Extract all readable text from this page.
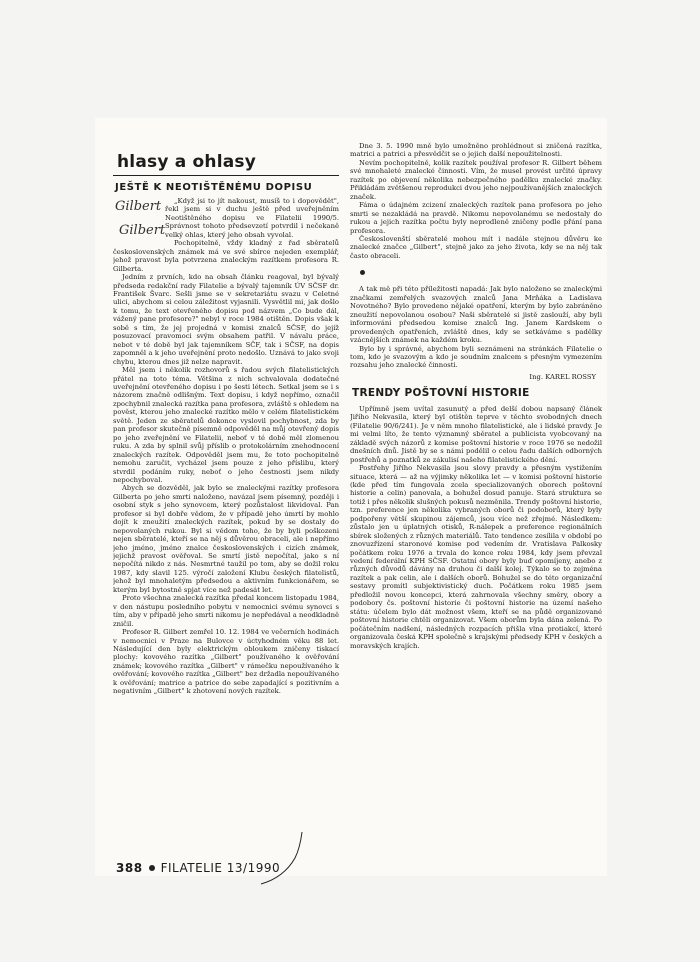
hlasy a ohlasy
JEŠTĚ K NEOTIŠTĚNÉMU DOPISU
Gilbert
Gilbert

„Když jsi to jít nakoust, musíš to i dopovědět", řekl jsem si v duchu ještě před uveřejněním Neotištěného dopisu ve Filatelii 1990/5. Správnost tohoto předsevzetí potvrdil i nečekaně velký ohlas, který jeho obsah vyvolal.

Pochopitelně, vždy kladný z řad sběratelů československých známek má ve své sbírce nejeden exemplář, jehož pravost byla potvrzena znaleckým razítkem profesora R. Gilberta.

Jedním z prvních, kdo na obsah článku reagoval, byl bývalý předseda redakční rady Filatelie a bývalý tajemník ÚV SČSF dr. František Švarc. Sešli jsme se v sekretariátu svazu v Celetné ulici, abychom si celou záležitost vyjasnili. Vysvětlil mi, jak došlo k tomu, že text otevřeného dopisu pod názvem „Co bude dál, vážený pane profesore?" nebyl v roce 1984 otištěn. Dopis však k sobě s tím, že jej projedná v komisi znalců SČSF, do jejíž posuzovací pravomoci svým obsahem patřil. V návalu práce, nebot v té době byl jak tajemníkem SČF, tak i SČSF, na dopis zapomněl a k jeho uveřejnění proto nedošlo. Uznává to jako svoji chybu, kterou dnes již nelze napravit.

Měl jsem i několik rozhovorů s řadou svých filatelistických přátel na toto téma. Většina z nich schvalovala dodatečné uveřejnění otevřeného dopisu i po šesti létech. Setkal jsem se i s názorem značně odlišným. Text dopisu, i když nepřímo, označil zpochybnil znalecká razítka pana profesora, zvláště s ohledem na pověst, kterou jeho znalecké razítko mělo v celém filatelistickém světě. Jeden ze sběratelů dokonce vyslovil pochybnost, zda by pan profesor skutečně písemně odpověděl na můj otevřený dopis po jeho zveřejnění ve Filatelii, neboť v té době měl zlomenou ruku. A zda by splnil svůj příslib o protokolárním znehodnocení znaleckých razítek. Odpověděl jsem mu, že toto pochopitelně nemohu zaručit, vycházel jsem pouze z jeho příslibu, který stvrdil podáním ruky, neboť o jeho čestnosti jsem nikdy nepochyboval.

Abych se dozvěděl, jak bylo se znaleckými razítky profesora Gilberta po jeho smrti naloženo, navázal jsem písemný, později i osobní styk s jeho synovcem, který pozůstalost likvidoval. Pan profesor si byl dobře vědom, že v případě jeho úmrtí by mohlo dojít k zneužití znaleckých razítek, pokud by se dostaly do nepovolaných rukou. Byl si vědom toho, že by byli poškozeni nejen sběratelé, kteří se na něj s důvěrou obraceli, ale i nepřímo jeho jméno, jméno znalce československých i cizích známek, jejichž pravost ověřoval. Se smrtí jistě nepočítal, jako s ní nepočítá nikdo z nás. Nesmrtné taužil po tom, aby se dožil roku 1987, kdy slavil 125. výročí založení Klubu českých filatelistů, jehož byl mnohaletým předsedou a aktivním funkcionářem, se kterým byl bytostně spjat více než padesát let.

Proto všechna znalecká razítka předal koncem listopadu 1984, v den nástupu posledního pobytu v nemocnici svému synovci s tím, aby v případě jeho smrti nikomu je nepředával a neodkladně zničil.

Profesor R. Gilbert zemřel 10. 12. 1984 ve večerních hodinách v nemocnici v Praze na Bulovce v úctyhodném věku 88 let. Následující den byly elektrickým obloukem zničeny tiskací plochy: kovového razítka „Gilbert" používaného k ověřování známek; kovového razítka „Gilbert" v rámečku nepoužívaného k ověřování; kovového razítka „Gilbert" bez držadla nepoužívaného k ověřování; matrice a patrice do sebe zapadající s pozitivním a negativním „Gilbert" k zhotovení nových razítek.

Dne 3. 5. 1990 mně bylo umožněno prohlédnout si zničená razítka, matrici a patrici a přesvědčit se o jejich další nepoužitelnosti.

Nevím pochopitelně, kolik razítek používal profesor R. Gilbert během své mnohaleté znalecké činnosti. Vím, že musel provést určité úpravy razítek po objevení několika nebezpečného padělku znalecké značky. Přikládám zvětšenou reprodukci dvou jeho nejpoužívanějších znaleckých značek.

Fáma o údajném zcizení znaleckých razítek pana profesora po jeho smrti se nezakládá na pravdě. Nikomu nepovolanému se nedostaly do rukou a jejich razítka počtu byly neprodleně zničeny podle přání pana profesora.

Českoslovenští sběratelé mohou mít i nadále stejnou důvěru ke znalecké značce „Gilbert", stejně jako za jeho života, kdy se na něj tak často obraceli.

A tak mě při této příležitosti napadá: Jak bylo naloženo se znaleckými značkami zemřelých svazových znalců Jana Mrňáka a Ladislava Novotného? Bylo provedeno nějaké opatření, kterým by bylo zabráněno zneužití nepovolanou osobou? Naši sběratelé si jistě zaslouží, aby byli informováni předsedou komise znalců Ing. Janem Kardskem o provedených opatřeních, zvláště dnes, kdy se setkáváme s padělky vzácnějších známek na každém kroku.

Bylo by i správné, abychom byli seznámeni na stránkách Filatelie o tom, kdo je svazovým a kdo je soudním znalcem s přesným vymezením rozsahu jeho znalecké činnosti.

Ing. KAREL ROSSY
TRENDY POŠTOVNÍ HISTORIE

Upřímně jsem uvítal zasunutý a před delší dobou napsaný článek Jiřího Nekvasila, který byl otištěn teprve v těchto svobodných dnech (Filatelie 90/6/241). Je v něm mnoho filatelistické, ale i lidské pravdy. Je mi velmi líto, že tento významný sběratel a publicista vyobcovaný na základě svých názorů z komise poštovní historie v roce 1976 se nedožil dnešních dnů. Jistě by se s námi podělil o celou řadu dalších odborných postřehů a poznatků ze zákulisí našeho filatelistického dění.

Postřehy Jiřího Nekvasila jsou slovy pravdy a přesným vystižením situace, která — až na výjimky několika let — v komisi poštovní historie (kde před tím fungovala zcela specializovaných oborech poštovní historie a celin) panovala, a bohužel dosud panuje. Stará struktura se totiž i přes několik slušných pokusů nezměnila. Trendy poštovní historie, tzn. preference jen několika vybraných oborů či podoborů, který byly podpořeny větší skupinou zájemců, jsou více než zřejmé. Následkem: zůstalo jen u úplatných otisků, R-nálepek a preference regionálních sbírek složených z různých materiálů. Tato tendence zesílila v období po znovuzřízení staronové komise pod vedením dr. Vratislava Palkosky počátkem roku 1976 a trvala do konce roku 1984, kdy jsem převzal vedení federální KPH SČSF. Ostatní obory byly buď opomíjeny, anebo z různých důvodů dávány na druhou či další kolej. Týkalo se to zejména razítek a pak celin, ale i dalších oborů. Bohužel se do této organizační sestavy promítl subjektivistický duch. Počátkem roku 1985 jsem předložil novou koncepci, která zahrnovala všechny směry, obory a podobory čs. poštovní historie či poštovní historie na území našeho státu: účelem bylo dát možnost všem, kteří se na půdě organizované poštovní historie chtěli organizovat. Všem oborům byla dána zelená. Po počátečním nadšení, následných rozpacích přišla vlna protiakcí, které organizovala česká KPH společně s krajskými předsedy KPH v českých a moravských krajích.

388 FILATELIE 13/1990
